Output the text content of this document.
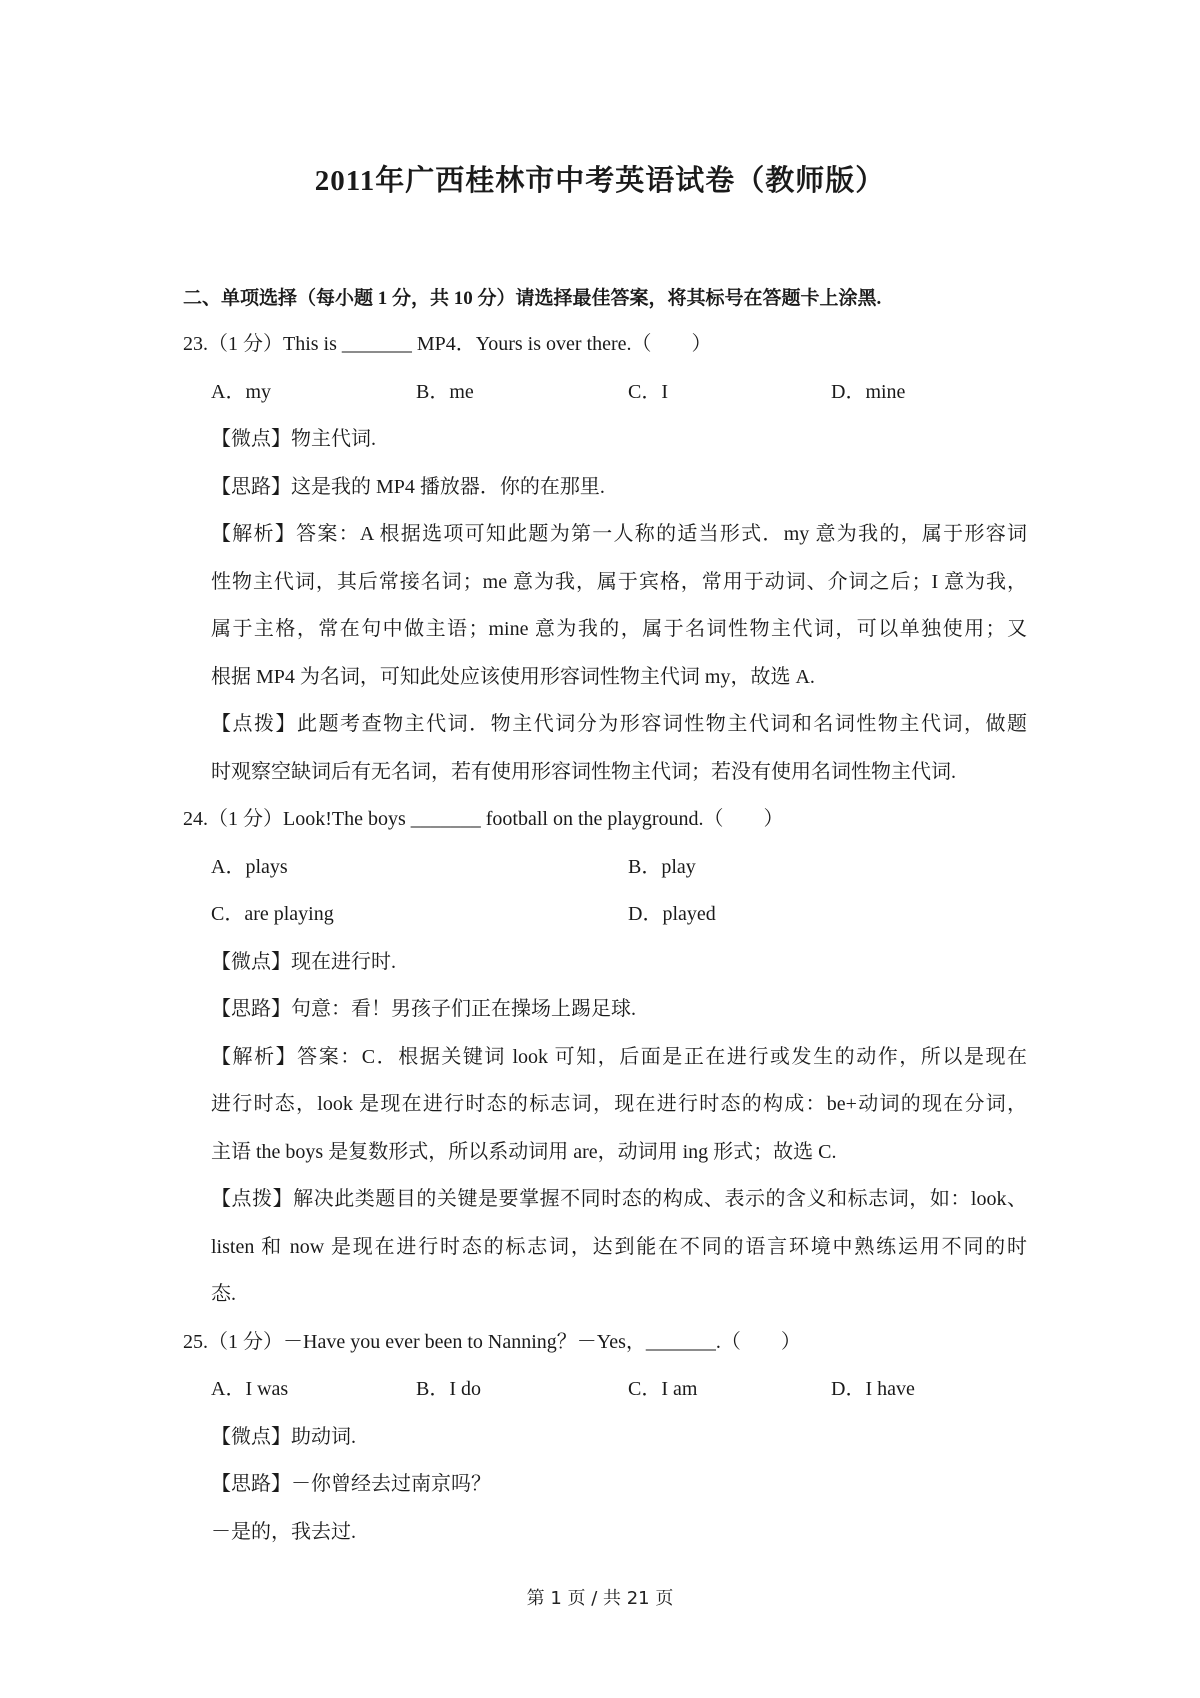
2011年广西桂林市中考英语试卷（教师版）
二、单项选择（每小题 1 分，共 10 分）请选择最佳答案，将其标号在答题卡上涂黑.
23.（1 分）This is _______ MP4．Yours is over there.（　　）
A．my	B．me	C．I	D．mine
【微点】物主代词.
【思路】这是我的 MP4 播放器．你的在那里.
【解析】答案：A 根据选项可知此题为第一人称的适当形式．my 意为我的，属于形容词
性物主代词，其后常接名词；me 意为我，属于宾格，常用于动词、介词之后；I 意为我，
属于主格，常在句中做主语；mine 意为我的，属于名词性物主代词，可以单独使用；又
根据 MP4 为名词，可知此处应该使用形容词性物主代词 my，故选 A.
【点拨】此题考查物主代词．物主代词分为形容词性物主代词和名词性物主代词，做题
时观察空缺词后有无名词，若有使用形容词性物主代词；若没有使用名词性物主代词.
24.（1 分）Look!The boys _______ football on the playground.（　　）
A．plays	B．play
C．are playing	D．played
【微点】现在进行时.
【思路】句意：看！男孩子们正在操场上踢足球.
【解析】答案：C．根据关键词 look 可知，后面是正在进行或发生的动作，所以是现在
进行时态，look 是现在进行时态的标志词，现在进行时态的构成：be+动词的现在分词，
主语 the boys 是复数形式，所以系动词用 are，动词用 ing 形式；故选 C.
【点拨】解决此类题目的关键是要掌握不同时态的构成、表示的含义和标志词，如：look、
listen 和 now 是现在进行时态的标志词，达到能在不同的语言环境中熟练运用不同的时
态.
25.（1 分）－Have you ever been to Nanning？－Yes，_______.（　　）
A．I was	B．I do	C．I am	D．I have
【微点】助动词.
【思路】－你曾经去过南京吗？
－是的，我去过.
第 1 页 / 共 21 页
